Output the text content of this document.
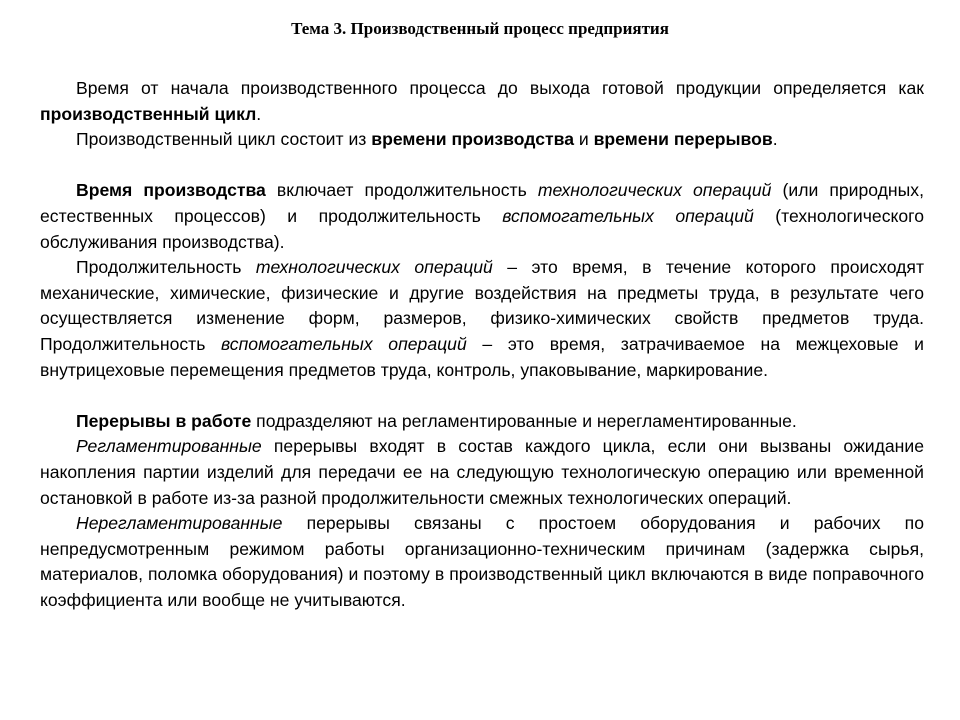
Тема 3. Производственный процесс предприятия

Время от начала производственного процесса до выхода готовой продукции определяется как производственный цикл.

Производственный цикл состоит из времени производства и времени перерывов.

Время производства включает продолжительность технологических операций (или природных, естественных процессов) и продолжительность вспомогательных операций (технологического обслуживания производства).

Продолжительность технологических операций – это время, в течение которого происходят механические, химические, физические и другие воздействия на предметы труда, в результате чего осуществляется изменение форм, размеров, физико-химических свойств предметов труда. Продолжительность вспомогательных операций – это время, затрачиваемое на межцеховые и внутрицеховые перемещения предметов труда, контроль, упаковывание, маркирование.

Перерывы в работе подразделяют на регламентированные и нерегламентированные.

Регламентированные перерывы входят в состав каждого цикла, если они вызваны ожидание накопления партии изделий для передачи ее на следующую технологическую операцию или временной остановкой в работе из-за разной продолжительности смежных технологических операций.

Нерегламентированные перерывы связаны с простоем оборудования и рабочих по непредусмотренным режимом работы организационно-техническим причинам (задержка сырья, материалов, поломка оборудования) и поэтому в производственный цикл включаются в виде поправочного коэффициента или вообще не учитываются.
